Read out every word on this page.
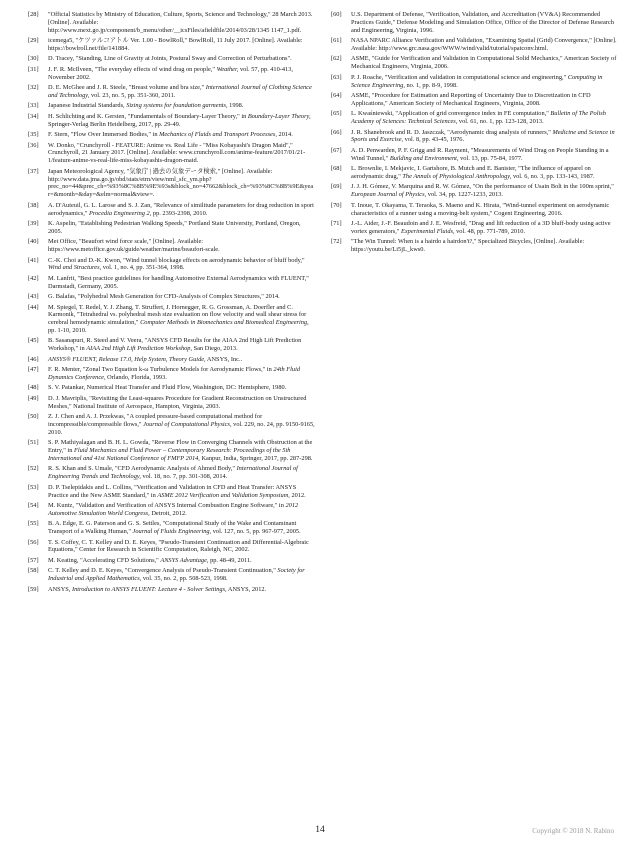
[28]	"Official Statistics by Ministry of Education, Culture, Sports, Science and Technology," 28 March 2013. [Online]. Available: http://www.mext.go.jp/component/b_menu/other/__icsFiles/afieldfile/2014/03/28/1345 1147_1.pdf.
[29]	icemega5, "ケツァルコアトル Ver. 1.00 - BowlRoll," BowlRoll, 11 July 2017. [Online]. Available: https://bowlroll.net/file/141884.
[30]	D. Tracey, "Standing, Line of Gravity at Joints, Postural Sway and Correction of Perturbations".
[31]	J. F. R. McIlveen, "The everyday effects of wind drag on people," Weather, vol. 57, pp. 410-413, November 2002.
[32]	D. E. McGhee and J. R. Steele, "Breast volume and bra size," International Journal of Clothing Science and Technology, vol. 23, no. 5, pp. 351-360, 2011.
[33]	Japanese Industrial Standards, Sizing systems for foundation garments, 1998.
[34]	H. Schlichting and K. Gersten, "Fundamentals of Boundary-Layer Theory," in Boundary-Layer Theory, Springer-Verlag Berlin Heidelberg, 2017, pp. 29-49.
[35]	F. Stern, "Flow Over Immersed Bodies," in Mechanics of Fluids and Transport Processes, 2014.
[36]	W. Donko, "Crunchyroll - FEATURE: Anime vs. Real Life - "Miss Kobayashi's Dragon Maid"," Crunchyroll, 21 January 2017. [Online]. Available: www.crunchyroll.com/anime-feature/2017/01/21-1/feature-anime-vs-real-life-miss-kobayashis-dragon-maid.
[37]	Japan Meteorological Agency, "気象庁 | 過去の気象データ検索," [Online]. Available: http://www.data.jma.go.jp/obd/stats/etrn/view/nml_sfc_ym.php?prec_no=44&prec_ch=%93%8C%8B%9E%93s&block_no=47662&block_ch=%93%8C%8B%9E&year=&month=&day=&elm=normal&view=.
[38]	A. D'Auteuil, G. L. Larose and S. J. Zan, "Relevance of similitude parameters for drag reduction in sport aerodynamics," Procedia Engineering 2, pp. 2393-2398, 2010.
[39]	K. Aspelin, "Establishing Pedestrian Walking Speeds," Portland State University, Portland, Oregon, 2005.
[40]	Met Office, "Beaufort wind force scale," [Online]. Available: https://www.metoffice.gov.uk/guide/weather/marine/beaufort-scale.
[41]	C.-K. Choi and D.-K. Kwon, "Wind tunnel blockage effects on aerodynamic behavior of bluff body," Wind and Structures, vol. 1, no. 4, pp. 351-364, 1998.
[42]	M. Lanfrit, "Best practice guidelines for handling Automotive External Aerodynamics with FLUENT," Darmstadt, Germany, 2005.
[43]	G. Balafas, "Polyhedral Mesh Generation for CFD-Analysis of Complex Structures," 2014.
[44]	M. Spiegel, T. Redel, Y. J. Zhang, T. Struffert, J. Hornegger, R. G. Grossman, A. Doerfler and C. Karmonik, "Tetrahedral vs. polyhedral mesh size evaluation on flow velocity and wall shear stress for cerebral hemodynamic simulation," Computer Methods in Biomechanics and Biomedical Engineering, pp. 1-10, 2010.
[45]	B. Sasanapuri, R. Steed and V. Veera, "ANSYS CFD Results for the AIAA 2nd High Lift Prediction Workshop," in AIAA 2nd High Lift Prediction Workshop, San Diego, 2013.
[46]	ANSYS® FLUENT, Release 17.0, Help System, Theory Guide, ANSYS, Inc..
[47]	F. R. Menter, "Zonal Two Equation k-ω Turbulence Models for Aerodynamic Flows," in 24th Fluid Dynamics Conference, Orlando, Florida, 1993.
[48]	S. V. Patankar, Numerical Heat Transfer and Fluid Flow, Washington, DC: Hemisphere, 1980.
[49]	D. J. Mavriplis, "Revisiting the Least-squares Procedure for Gradient Reconstruction on Unstructured Meshes," National Institute of Aerospace, Hampton, Virginia, 2003.
[50]	Z. J. Chen and A. J. Przekwas, "A coupled pressure-based computational method for incompressible/compressible flows," Journal of Computational Physics, vol. 229, no. 24, pp. 9150-9165, 2010.
[51]	S. P. Mathiyalagan and B. H. L. Gowda, "Reverse Flow in Converging Channels with Obstruction at the Entry," in Fluid Mechanics and Fluid Power – Contemporary Research: Proceedings of the 5th International and 41st National Conference of FMFP 2014, Kanpur, India, Springer, 2017, pp. 287-298.
[52]	R. S. Khan and S. Umale, "CFD Aerodynamic Analysis of Ahmed Body," International Journal of Engineering Trends and Technology, vol. 18, no. 7, pp. 301-308, 2014.
[53]	D. P. Tselepidakis and L. Collins, "Verification and Validation in CFD and Heat Transfer: ANSYS Practice and the New ASME Standard," in ASME 2012 Verification and Validation Symposium, 2012.
[54]	M. Kuntz, "Validation and Verification of ANSYS Internal Combustion Engine Software," in 2012 Automotive Simulation World Congress, Detroit, 2012.
[55]	B. A. Edge, E. G. Paterson and G. S. Settles, "Computational Study of the Wake and Contaminant Transport of a Walking Human," Journal of Fluids Engineering, vol. 127, no. 5, pp. 967-977, 2005.
[56]	T. S. Coffey, C. T. Kelley and D. E. Keyes, "Pseudo-Transient Continuation and Differential-Algebraic Equations," Center for Research in Scientific Computation, Raleigh, NC, 2002.
[57]	M. Keating, "Accelerating CFD Solutions," ANSYS Advantage, pp. 48-49, 2011.
[58]	C. T. Kelley and D. E. Keyes, "Convergence Analysis of Pseudo-Transient Continuation," Society for Industrial and Applied Mathematics, vol. 35, no. 2, pp. 508-523, 1998.
[59]	ANSYS, Introduction to ANSYS FLUENT: Lecture 4 - Solver Settings, ANSYS, 2012.
[60]	U.S. Department of Defense, "Verification, Validation, and Accreditation (VV&A) Recommended Practices Guide," Defense Modeling and Simulation Office, Office of the Director of Defense Research and Engineering, Virginia, 1996.
[61]	NASA NPARC Alliance Verification and Validation, "Examining Spatial (Grid) Convergence," [Online]. Available: http://www.grc.nasa.gov/WWW/wind/valid/tutorial/spatconv.html.
[62]	ASME, "Guide for Verification and Validation in Computational Solid Mechanics," American Society of Mechanical Engineers, Virginia, 2006.
[63]	P. J. Roache, "Verification and validation in computational science and engineering," Computing in Science Engineering, no. 1, pp. 8-9, 1998.
[64]	ASME, "Procedure for Estimation and Reporting of Uncertainty Due to Discretization in CFD Applications," American Society of Mechanical Engineers, Virginia, 2008.
[65]	L. Kwaśniewski, "Application of grid convergence index in FE computation," Bulletin of The Polish Academy of Sciences: Technical Sciences, vol. 61, no. 1, pp. 123-128, 2013.
[66]	J. R. Shanebrook and R. D. Jaszczak, "Aerodynamic drag analysis of runners," Medicine and Science in Sports and Exercise, vol. 8, pp. 43-45, 1976.
[67]	A. D. Penwarden, P. F. Grigg and R. Rayment, "Measurements of Wind Drag on People Standing in a Wind Tunnel," Building and Environment, vol. 13, pp. 75-84, 1977.
[68]	L. Brownlie, I. Mekjavic, I. Gartshore, B. Mutch and E. Banister, "The influence of apparel on aerodynamic drag," The Annals of Physiological Anthropology, vol. 6, no. 3, pp. 133-143, 1987.
[69]	J. J. H. Gómez, V. Marquina and R. W. Gómez, "On the performance of Usain Bolt in the 100m sprint," European Journal of Physics, vol. 34, pp. 1227-1233, 2013.
[70]	T. Inoue, T. Okayama, T. Teraoka, S. Maeno and K. Hirata, "Wind-tunnel experiment on aerodynamic characteristics of a runner using a moving-belt system," Cogent Engineering, 2016.
[71]	J.-L. Aider, J.-F. Beaudoin and J. E. Wesfreid, "Drag and lift reduction of a 3D bluff-body using active vortex generators," Experimental Fluids, vol. 48, pp. 771-789, 2010.
[72]	"The Win Tunnel: When is a hairdo a hairdon't?," Specialized Bicycles, [Online]. Available: https://youtu.be/Li5jL_kws0.
14	Copyright © 2018 N. Rabino
